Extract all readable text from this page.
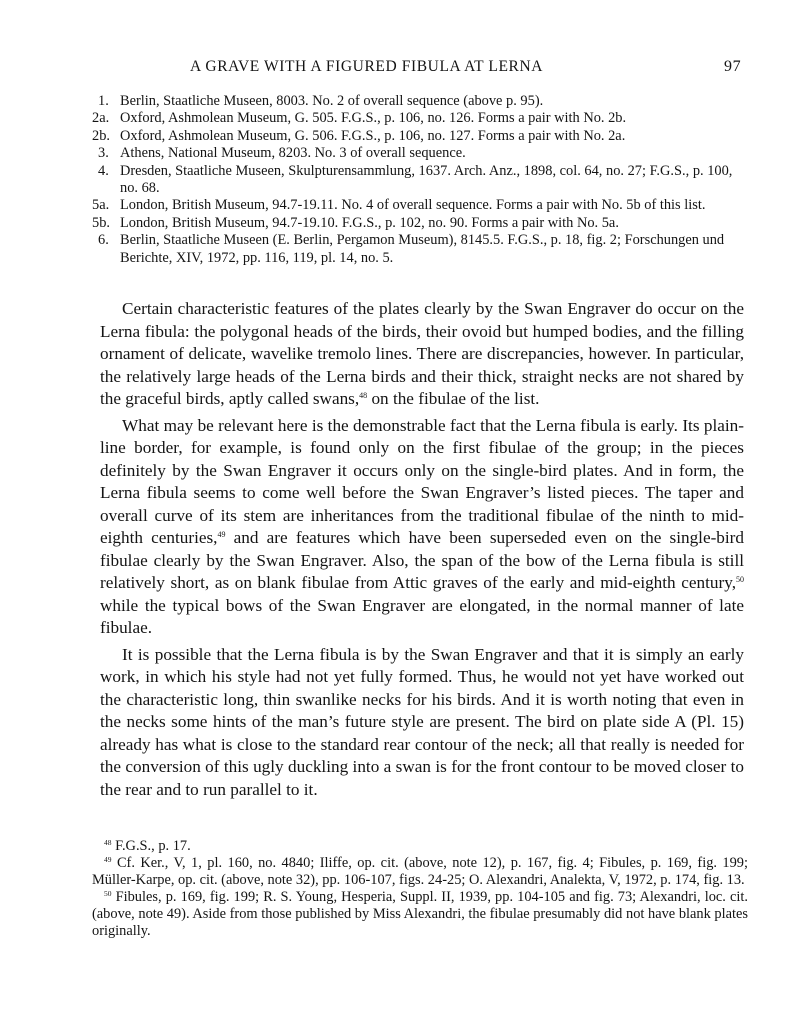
A GRAVE WITH A FIGURED FIBULA AT LERNA	97
1. Berlin, Staatliche Museen, 8003. No. 2 of overall sequence (above p. 95).
2a. Oxford, Ashmolean Museum, G. 505. F.G.S., p. 106, no. 126. Forms a pair with No. 2b.
2b. Oxford, Ashmolean Museum, G. 506. F.G.S., p. 106, no. 127. Forms a pair with No. 2a.
3. Athens, National Museum, 8203. No. 3 of overall sequence.
4. Dresden, Staatliche Museen, Skulpturensammlung, 1637. Arch. Anz., 1898, col. 64, no. 27; F.G.S., p. 100, no. 68.
5a. London, British Museum, 94.7-19.11. No. 4 of overall sequence. Forms a pair with No. 5b of this list.
5b. London, British Museum, 94.7-19.10. F.G.S., p. 102, no. 90. Forms a pair with No. 5a.
6. Berlin, Staatliche Museen (E. Berlin, Pergamon Museum), 8145.5. F.G.S., p. 18, fig. 2; Forschungen und Berichte, XIV, 1972, pp. 116, 119, pl. 14, no. 5.

Certain characteristic features of the plates clearly by the Swan Engraver do occur on the Lerna fibula: the polygonal heads of the birds, their ovoid but humped bodies, and the filling ornament of delicate, wavelike tremolo lines. There are discrepancies, however. In particular, the relatively large heads of the Lerna birds and their thick, straight necks are not shared by the graceful birds, aptly called swans,$^{48}$ on the fibulae of the list.

What may be relevant here is the demonstrable fact that the Lerna fibula is early. Its plain-line border, for example, is found only on the first fibulae of the group; in the pieces definitely by the Swan Engraver it occurs only on the single-bird plates. And in form, the Lerna fibula seems to come well before the Swan Engraver’s listed pieces. The taper and overall curve of its stem are inheritances from the traditional fibulae of the ninth to mid-eighth centuries,$^{49}$ and are features which have been superseded even on the single-bird fibulae clearly by the Swan Engraver. Also, the span of the bow of the Lerna fibula is still relatively short, as on blank fibulae from Attic graves of the early and mid-eighth century,$^{50}$ while the typical bows of the Swan Engraver are elongated, in the normal manner of late fibulae.

It is possible that the Lerna fibula is by the Swan Engraver and that it is simply an early work, in which his style had not yet fully formed. Thus, he would not yet have worked out the characteristic long, thin swanlike necks for his birds. And it is worth noting that even in the necks some hints of the man’s future style are present. The bird on plate side A (Pl. 15) already has what is close to the standard rear contour of the neck; all that really is needed for the conversion of this ugly duckling into a swan is for the front contour to be moved closer to the rear and to run parallel to it.

$^{48}$ F.G.S., p. 17.

$^{49}$ Cf. Ker., V, 1, pl. 160, no. 4840; Iliffe, op. cit. (above, note 12), p. 167, fig. 4; Fibules, p. 169, fig. 199; Müller-Karpe, op. cit. (above, note 32), pp. 106-107, figs. 24-25; O. Alexandri, Analekta, V, 1972, p. 174, fig. 13.

$^{50}$ Fibules, p. 169, fig. 199; R. S. Young, Hesperia, Suppl. II, 1939, pp. 104-105 and fig. 73; Alexandri, loc. cit. (above, note 49). Aside from those published by Miss Alexandri, the fibulae presumably did not have blank plates originally.
